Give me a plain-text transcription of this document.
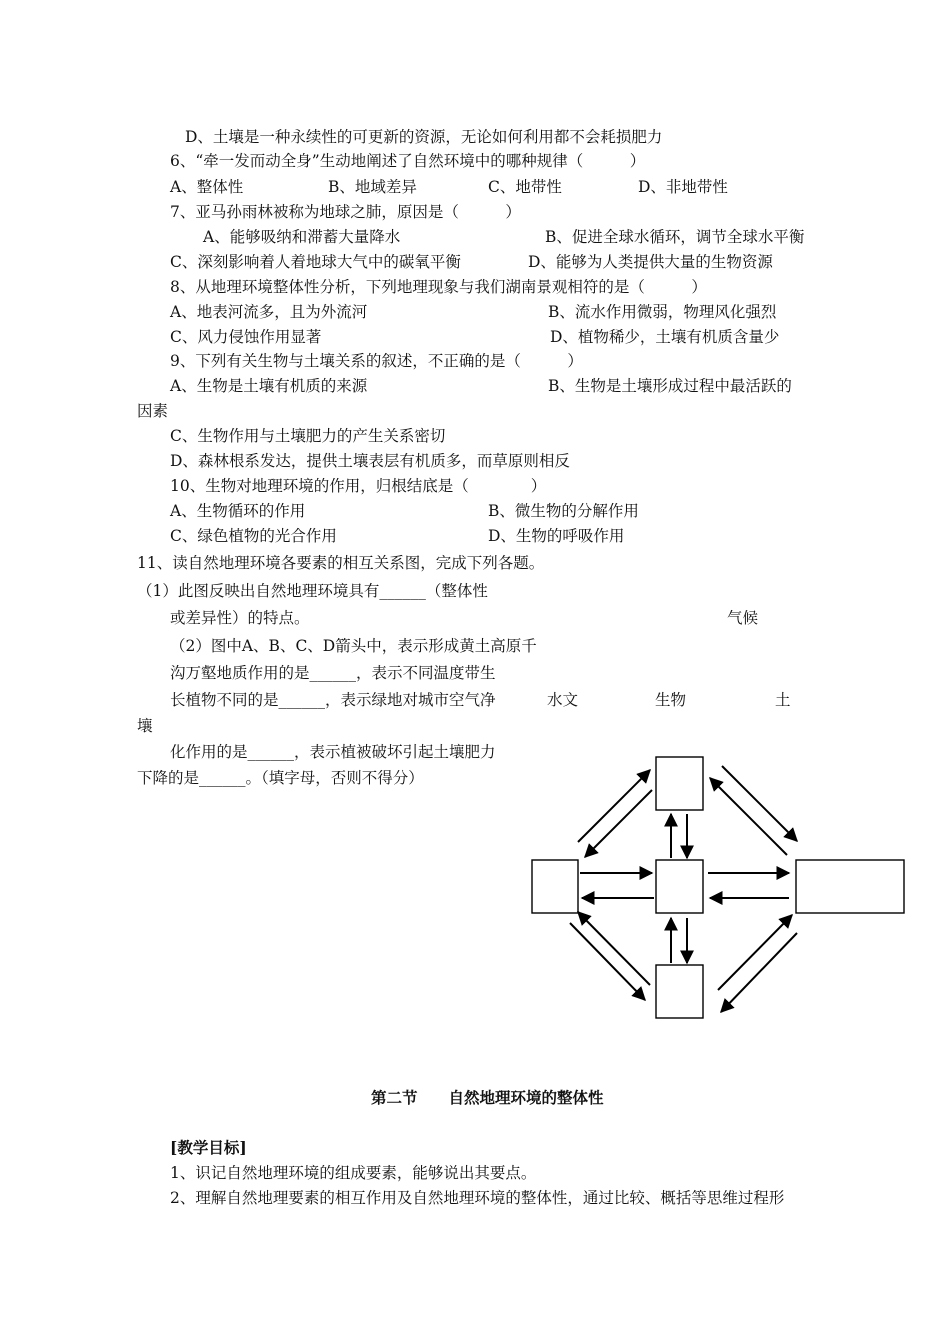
D、土壤是一种永续性的可更新的资源，无论如何利用都不会耗损肥力
6、“牵一发而动全身”生动地阐述了自然环境中的哪种规律（　　　）
A、整体性	B、地域差异	C、地带性	D、非地带性
7、亚马孙雨林被称为地球之肺，原因是（　　　）
A、能够吸纳和滞蓄大量降水	B、促进全球水循环，调节全球水平衡
C、深刻影响着人着地球大气中的碳氧平衡	D、能够为人类提供大量的生物资源
8、从地理环境整体性分析，下列地理现象与我们湖南景观相符的是（　　　）
A、地表河流多，且为外流河	B、流水作用微弱，物理风化强烈
C、风力侵蚀作用显著	D、植物稀少，土壤有机质含量少
9、下列有关生物与土壤关系的叙述，不正确的是（　　　）
A、生物是土壤有机质的来源	B、生物是土壤形成过程中最活跃的
因素
C、生物作用与土壤肥力的产生关系密切
D、森林根系发达，提供土壤表层有机质多，而草原则相反
10、生物对地理环境的作用，归根结底是（　　　　）
A、生物循环的作用	B、微生物的分解作用
C、绿色植物的光合作用	D、生物的呼吸作用
11、读自然地理环境各要素的相互关系图，完成下列各题。
（1）此图反映出自然地理环境具有______（整体性
或差异性）的特点。
（2）图中A、B、C、D箭头中，表示形成黄土高原千
沟万壑地质作用的是______，表示不同温度带生
长植物不同的是______，表示绿地对城市空气净
壤
化作用的是______，表示植被破坏引起土壤肥力
下降的是______。（填字母，否则不得分）
气候
水文	生物	土
第二节　　自然地理环境的整体性
[教学目标]
1、识记自然地理环境的组成要素，能够说出其要点。
2、理解自然地理要素的相互作用及自然地理环境的整体性，通过比较、概括等思维过程形
